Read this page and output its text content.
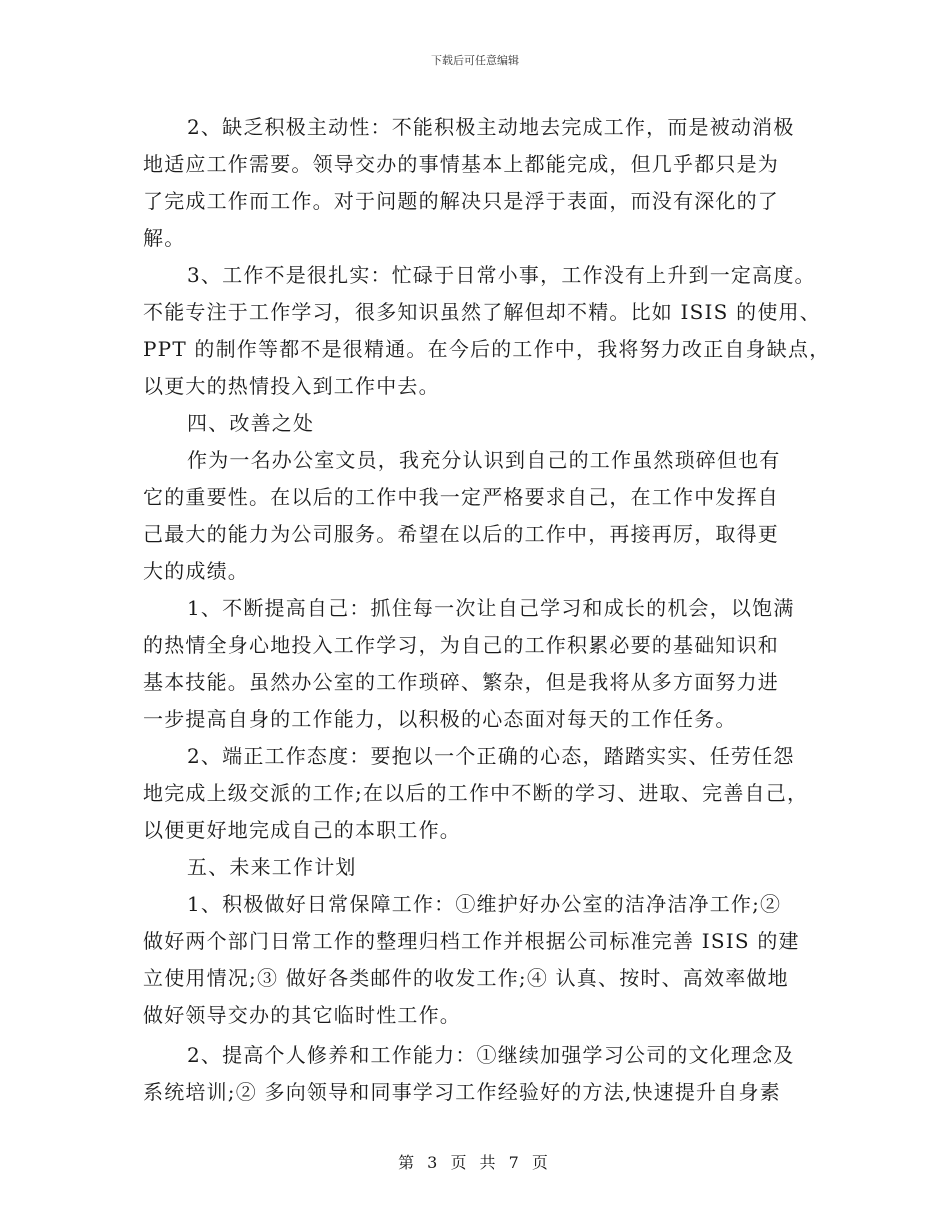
下载后可任意编辑

2、缺乏积极主动性：不能积极主动地去完成工作，而是被动消极

地适应工作需要。领导交办的事情基本上都能完成，但几乎都只是为

了完成工作而工作。对于问题的解决只是浮于表面，而没有深化的了

解。

3、工作不是很扎实：忙碌于日常小事，工作没有上升到一定高度。

不能专注于工作学习，很多知识虽然了解但却不精。比如 ISIS 的使用、

PPT 的制作等都不是很精通。在今后的工作中，我将努力改正自身缺点，

以更大的热情投入到工作中去。

四、改善之处

作为一名办公室文员，我充分认识到自己的工作虽然琐碎但也有

它的重要性。在以后的工作中我一定严格要求自己，在工作中发挥自

己最大的能力为公司服务。希望在以后的工作中，再接再厉，取得更

大的成绩。

1、不断提高自己：抓住每一次让自己学习和成长的机会，以饱满

的热情全身心地投入工作学习，为自己的工作积累必要的基础知识和

基本技能。虽然办公室的工作琐碎、繁杂，但是我将从多方面努力进

一步提高自身的工作能力，以积极的心态面对每天的工作任务。

2、端正工作态度：要抱以一个正确的心态，踏踏实实、任劳任怨

地完成上级交派的工作;在以后的工作中不断的学习、进取、完善自己，

以便更好地完成自己的本职工作。

五、未来工作计划

1、积极做好日常保障工作：①维护好办公室的洁净洁净工作;②

做好两个部门日常工作的整理归档工作并根据公司标准完善 ISIS 的建

立使用情况;③ 做好各类邮件的收发工作;④ 认真、按时、高效率做地

做好领导交办的其它临时性工作。

2、提高个人修养和工作能力：①继续加强学习公司的文化理念及

系统培训;② 多向领导和同事学习工作经验好的方法,快速提升自身素

第 3 页 共 7 页
